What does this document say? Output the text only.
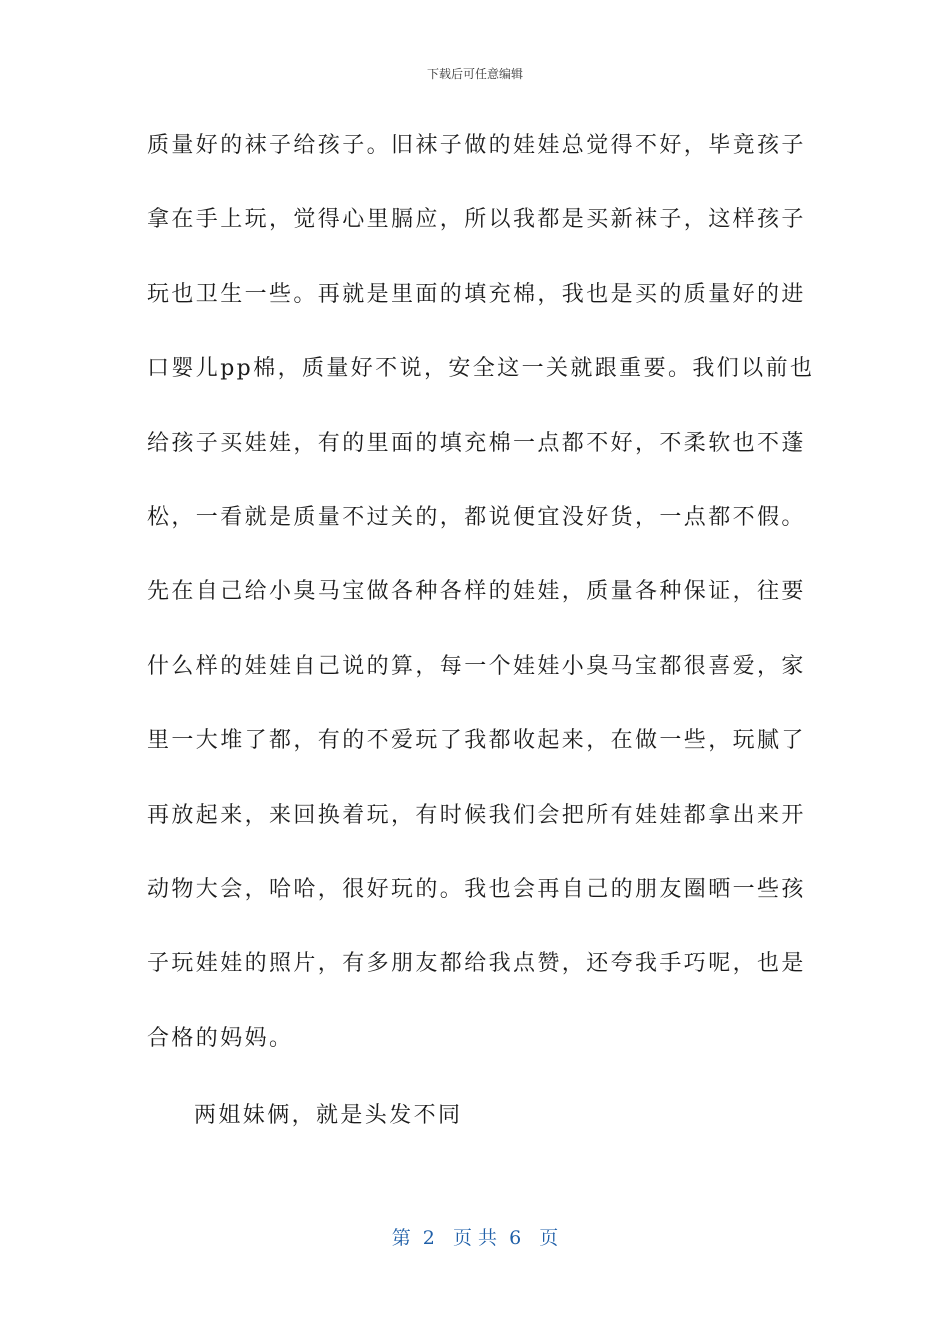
下载后可任意编辑
质量好的袜子给孩子。旧袜子做的娃娃总觉得不好，毕竟孩子
拿在手上玩，觉得心里膈应，所以我都是买新袜子，这样孩子
玩也卫生一些。再就是里面的填充棉，我也是买的质量好的进
口婴儿pp棉，质量好不说，安全这一关就跟重要。我们以前也
给孩子买娃娃，有的里面的填充棉一点都不好，不柔软也不蓬
松，一看就是质量不过关的，都说便宜没好货，一点都不假。
先在自己给小臭马宝做各种各样的娃娃，质量各种保证，往要
什么样的娃娃自己说的算，每一个娃娃小臭马宝都很喜爱，家
里一大堆了都，有的不爱玩了我都收起来，在做一些，玩腻了
再放起来，来回换着玩，有时候我们会把所有娃娃都拿出来开
动物大会，哈哈，很好玩的。我也会再自己的朋友圈晒一些孩
子玩娃娃的照片，有多朋友都给我点赞，还夸我手巧呢，也是
合格的妈妈。
两姐妹俩，就是头发不同
第  2   页 共  6   页
